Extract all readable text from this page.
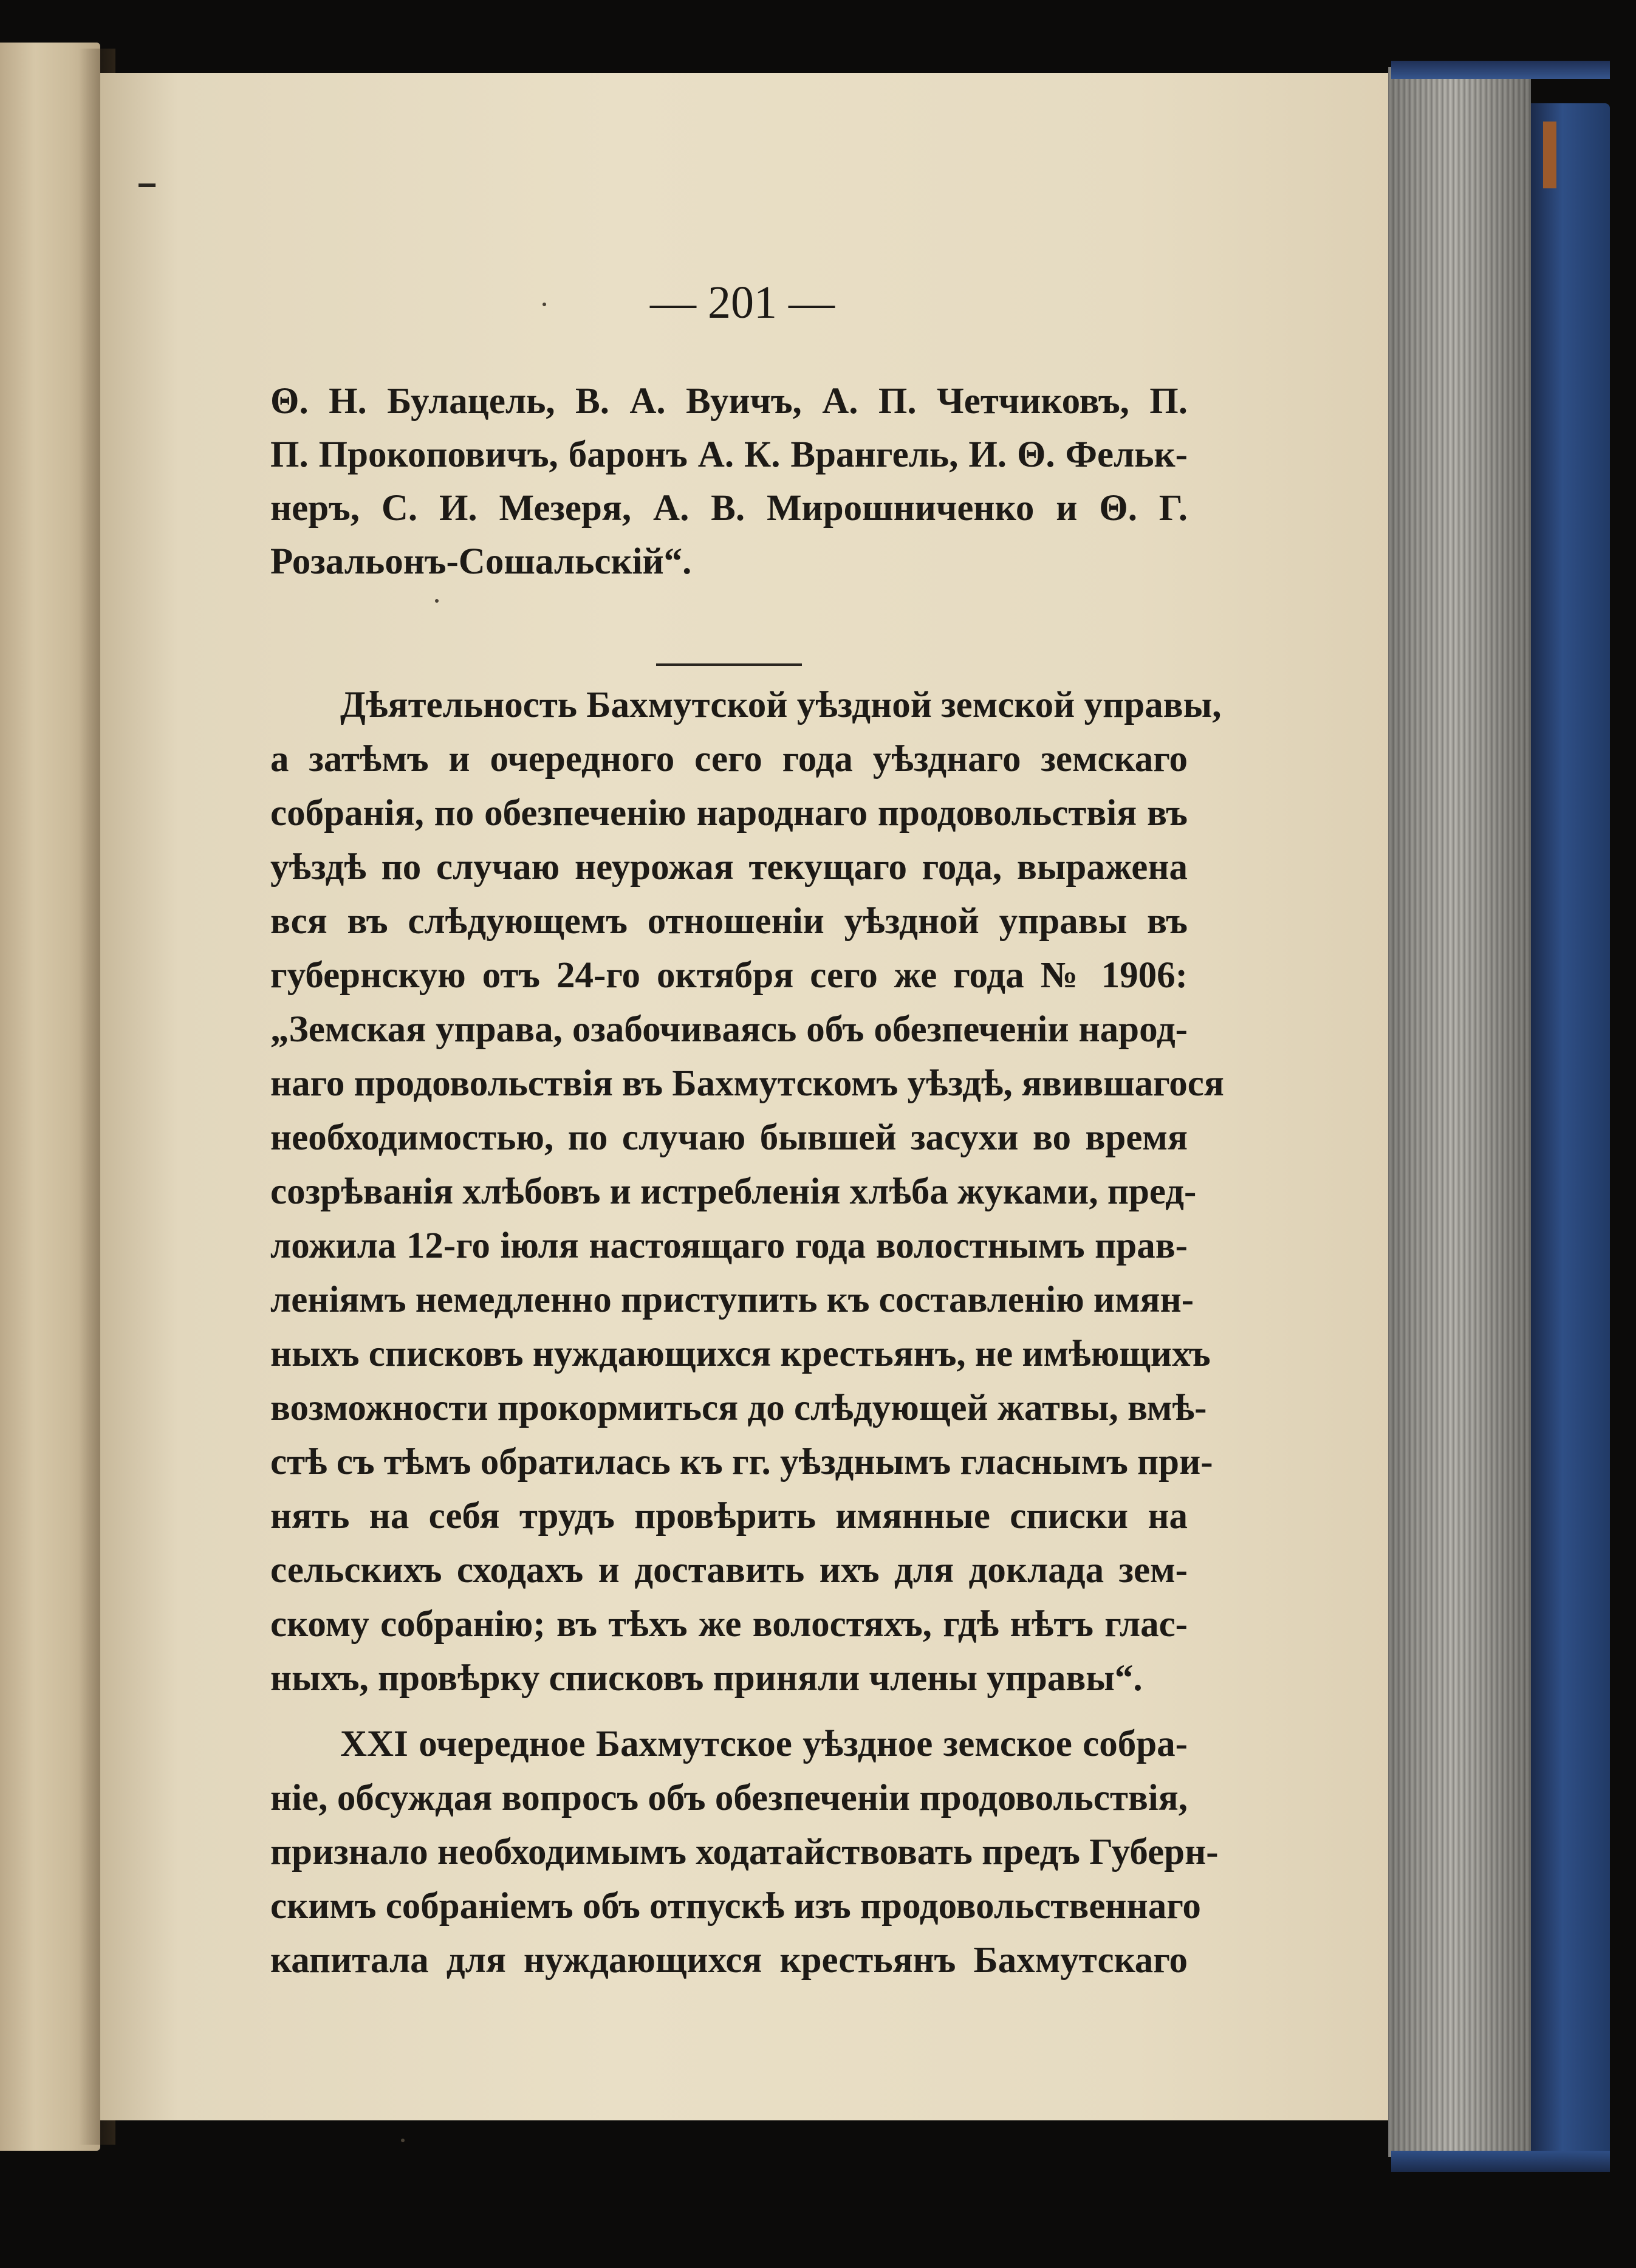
— 201 —
Θ. Н. Булацель, В. А. Вуичъ, А. П. Четчиковъ, П.
П. Прокоповичъ, баронъ А. К. Врангель, И. Θ. Фельк-
неръ, С. И. Мезеря, А. В. Мирошниченко и Θ. Г.
Розальонъ-Сошальскій“.
Дѣятельность Бахмутской уѣздной земской управы,
а затѣмъ и очередного сего года уѣзднаго земскаго
собранія, по обезпеченію народнаго продовольствія въ
уѣздѣ по случаю неурожая текущаго года, выражена
вся въ слѣдующемъ отношеніи уѣздной управы въ
губернскую отъ 24-го октября сего же года № 1906:
„Земская управа, озабочиваясь объ обезпеченіи народ-
наго продовольствія въ Бахмутскомъ уѣздѣ, явившагося
необходимостью, по случаю бывшей засухи во время
созрѣванія хлѣбовъ и истребленія хлѣба жуками, пред-
ложила 12-го іюля настоящаго года волостнымъ прав-
леніямъ немедленно приступить къ составленію имян-
ныхъ списковъ нуждающихся крестьянъ, не имѣющихъ
возможности прокормиться до слѣдующей жатвы, вмѣ-
стѣ съ тѣмъ обратилась къ гг. уѣзднымъ гласнымъ при-
нять на себя трудъ провѣрить имянные списки на
сельскихъ сходахъ и доставить ихъ для доклада зем-
скому собранію; въ тѣхъ же волостяхъ, гдѣ нѣтъ глас-
ныхъ, провѣрку списковъ приняли члены управы“.
XXI очередное Бахмутское уѣздное земское собра-
ніе, обсуждая вопросъ объ обезпеченіи продовольствія,
признало необходимымъ ходатайствовать предъ Губерн-
скимъ собраніемъ объ отпускѣ изъ продовольственнаго
капитала для нуждающихся крестьянъ Бахмутскаго
